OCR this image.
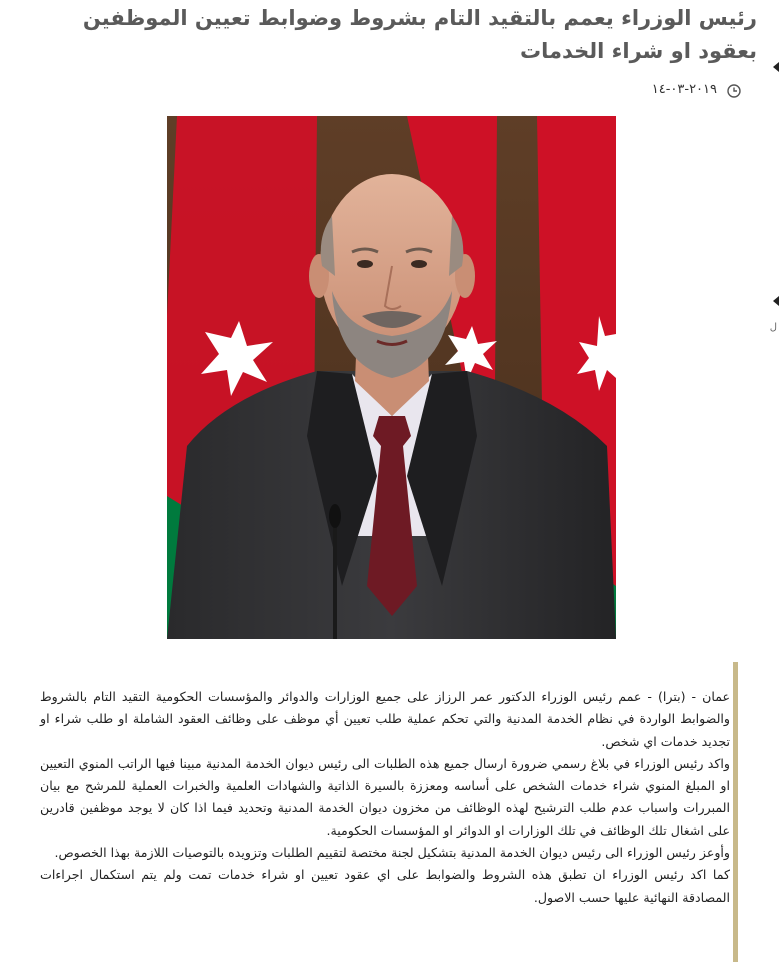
رئيس الوزراء يعمم بالتقيد التام بشروط وضوابط تعيين الموظفين بعقود او شراء الخدمات
٢٠١٩-٠٣-١٤
ل

عمان - (بترا) - عمم رئيس الوزراء الدكتور عمر الرزاز على جميع الوزارات والدوائر والمؤسسات الحكومية التقيد التام بالشروط والضوابط الواردة في نظام الخدمة المدنية والتي تحكم عملية طلب تعيين أي موظف على وظائف العقود الشاملة او طلب شراء او تجديد خدمات اي شخص.

واكد رئيس الوزراء في بلاغ رسمي ضرورة ارسال جميع هذه الطلبات الى رئيس ديوان الخدمة المدنية مبينا فيها الراتب المنوي التعيين او المبلغ المنوي شراء خدمات الشخص على أساسه ومعززة بالسيرة الذاتية والشهادات العلمية والخبرات العملية للمرشح مع بيان المبررات واسباب عدم طلب الترشيح لهذه الوظائف من مخزون ديوان الخدمة المدنية وتحديد فيما اذا كان لا يوجد موظفين قادرين على اشغال تلك الوظائف في تلك الوزارات او الدوائر او المؤسسات الحكومية.

وأوعز رئيس الوزراء الى رئيس ديوان الخدمة المدنية بتشكيل لجنة مختصة لتقييم الطلبات وتزويده بالتوصيات اللازمة بهذا الخصوص.

كما اكد رئيس الوزراء ان تطبق هذه الشروط والضوابط على اي عقود تعيين او شراء خدمات تمت ولم يتم استكمال اجراءات المصادقة النهائية عليها حسب الاصول.
